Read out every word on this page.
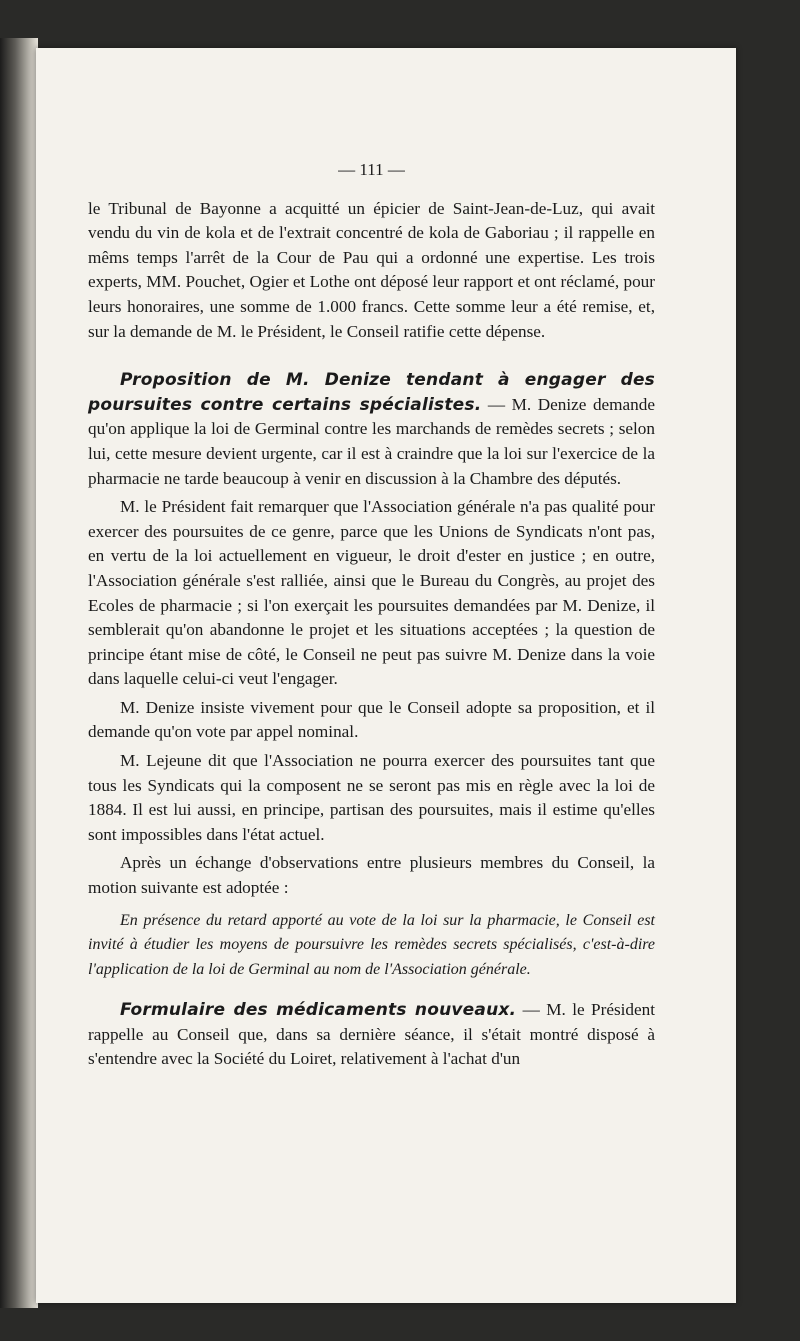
— 111 —

le Tribunal de Bayonne a acquitté un épicier de Saint-Jean-de-Luz, qui avait vendu du vin de kola et de l'extrait concentré de kola de Gaboriau ; il rappelle en mêms temps l'arrêt de la Cour de Pau qui a ordonné une expertise. Les trois experts, MM. Pouchet, Ogier et Lothe ont déposé leur rapport et ont réclamé, pour leurs honoraires, une somme de 1.000 francs. Cette somme leur a été remise, et, sur la demande de M. le Président, le Conseil ratifie cette dépense.

Proposition de M. Denize tendant à engager des poursuites contre certains spécialistes. — M. Denize demande qu'on applique la loi de Germinal contre les marchands de remèdes secrets ; selon lui, cette mesure devient urgente, car il est à craindre que la loi sur l'exercice de la pharmacie ne tarde beaucoup à venir en discussion à la Chambre des députés.

M. le Président fait remarquer que l'Association générale n'a pas qualité pour exercer des poursuites de ce genre, parce que les Unions de Syndicats n'ont pas, en vertu de la loi actuellement en vigueur, le droit d'ester en justice ; en outre, l'Association générale s'est ralliée, ainsi que le Bureau du Congrès, au projet des Ecoles de pharmacie ; si l'on exerçait les poursuites demandées par M. Denize, il semblerait qu'on abandonne le projet et les situations acceptées ; la question de principe étant mise de côté, le Conseil ne peut pas suivre M. Denize dans la voie dans laquelle celui-ci veut l'engager.

M. Denize insiste vivement pour que le Conseil adopte sa proposition, et il demande qu'on vote par appel nominal.

M. Lejeune dit que l'Association ne pourra exercer des poursuites tant que tous les Syndicats qui la composent ne se seront pas mis en règle avec la loi de 1884. Il est lui aussi, en principe, partisan des poursuites, mais il estime qu'elles sont impossibles dans l'état actuel.

Après un échange d'observations entre plusieurs membres du Conseil, la motion suivante est adoptée :

En présence du retard apporté au vote de la loi sur la pharmacie, le Conseil est invité à étudier les moyens de poursuivre les remèdes secrets spécialisés, c'est-à-dire l'application de la loi de Germinal au nom de l'Association générale.

Formulaire des médicaments nouveaux. — M. le Président rappelle au Conseil que, dans sa dernière séance, il s'était montré disposé à s'entendre avec la Société du Loiret, relativement à l'achat d'un
